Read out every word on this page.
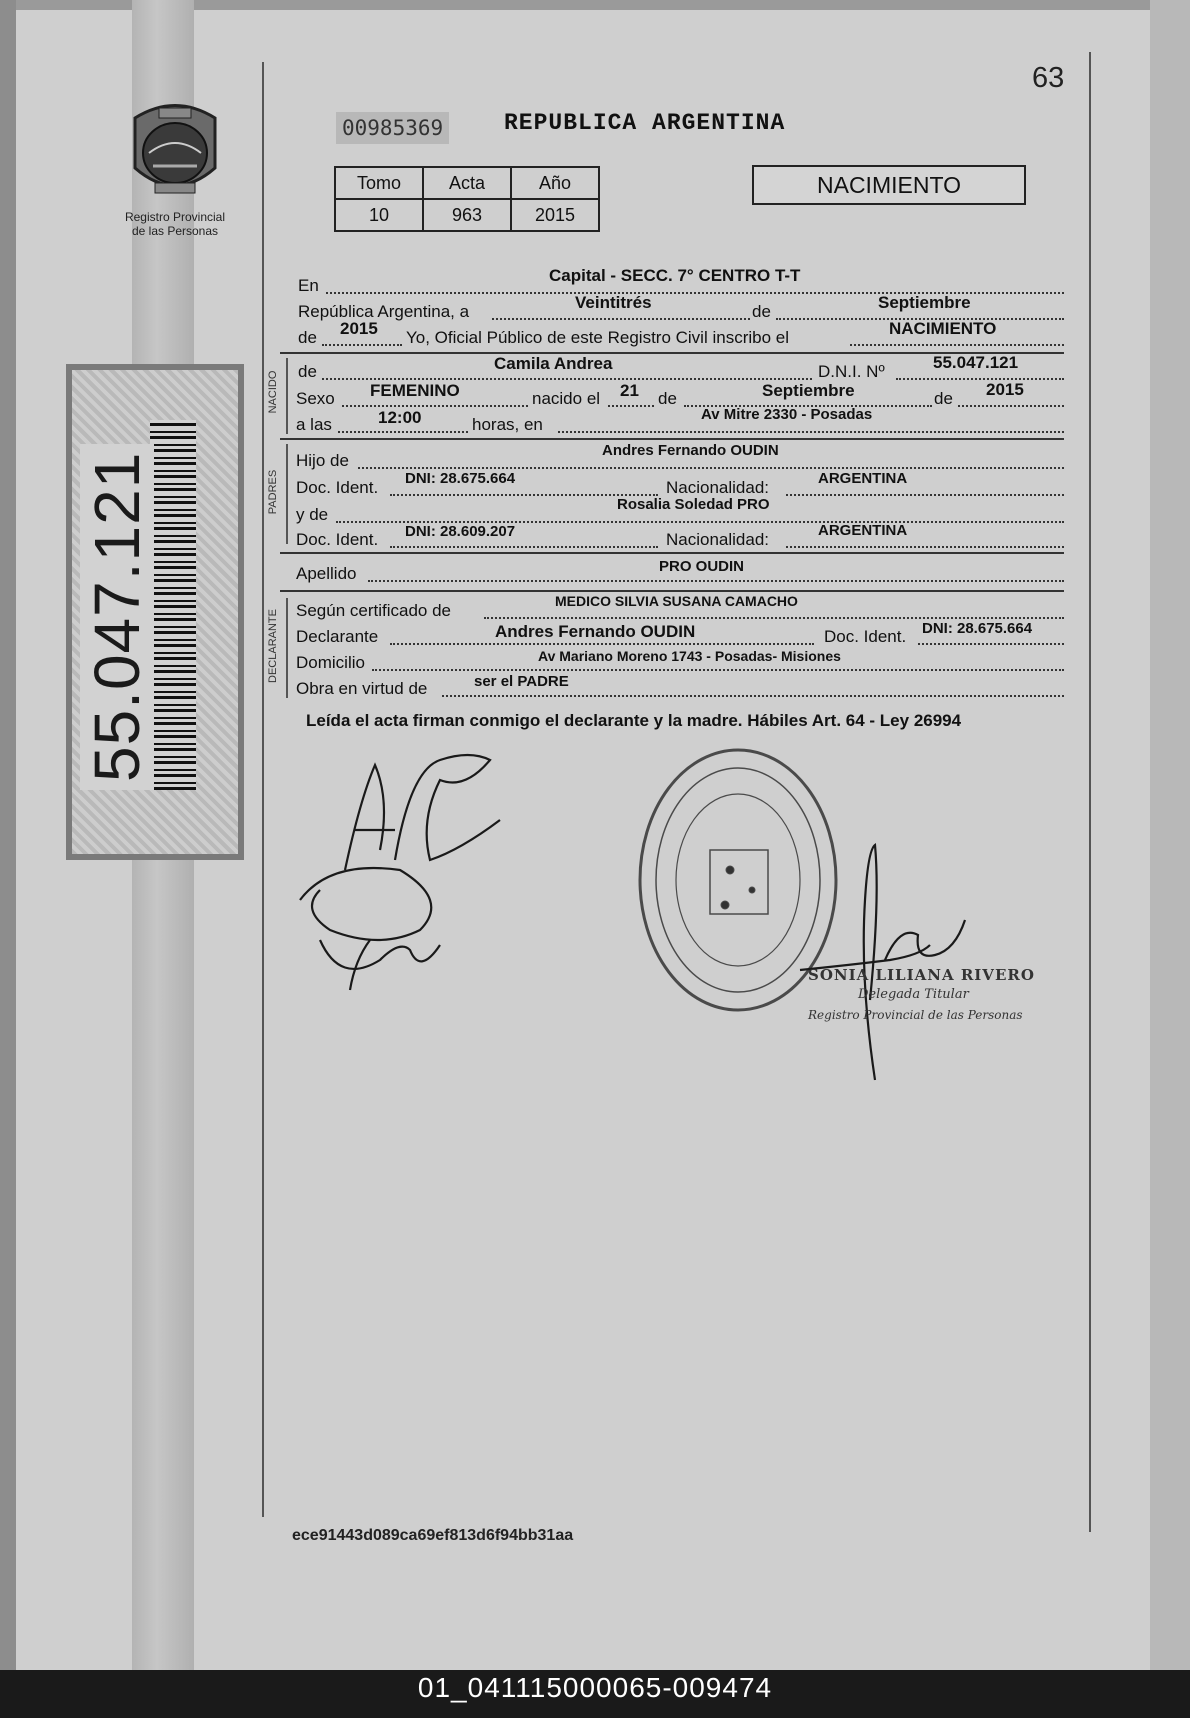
63
Registro Provincial
de las Personas
55.047.121
00985369	REPUBLICA ARGENTINA
Tomo	Acta	Año
10	963	2015
NACIMIENTO
En
Capital - SECC. 7° CENTRO T-T
República Argentina, a	Veintitrés	de	Septiembre
de 2015 Yo, Oficial Público de este Registro Civil inscribo el	NACIMIENTO
NACIDO de	Camila Andrea	D.N.I. Nº	55.047.121
Sexo FEMENINO	nacido el 21 de	Septiembre	de 2015
a las	12:00	horas, en
Av Mitre 2330 - Posadas
PADRES
Hijo de
Andres Fernando OUDIN
Doc. Ident. DNI: 28.675.664	Nacionalidad:	ARGENTINA
y de
Rosalia Soledad PRO
Doc. Ident. DNI: 28.609.207	Nacionalidad:	ARGENTINA
Apellido	PRO OUDIN
DECLARANTE Según certificado de	MEDICO SILVIA SUSANA CAMACHO
Declarante	Andres Fernando OUDIN	Doc. Ident. DNI: 28.675.664
Domicilio	Av Mariano Moreno 1743 - Posadas- Misiones
Obra en virtud de	ser el PADRE
Leída el acta firman conmigo el declarante y la madre. Hábiles Art. 64 - Ley 26994
SONIA LILIANA RIVERO
Delegada Titular
Registro Provincial de las Personas
ece91443d089ca69ef813d6f94bb31aa
01_041115000065-009474
